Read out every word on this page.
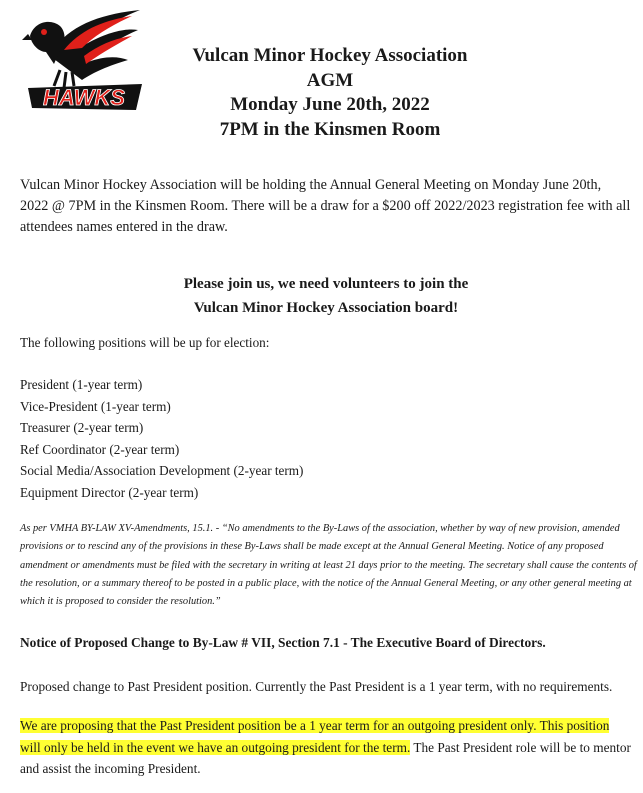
HAWKS
Vulcan Minor Hockey Association
AGM
Monday June 20th, 2022
7PM in the Kinsmen Room

Vulcan Minor Hockey Association will be holding the Annual General Meeting on Monday June 20th, 2022 @ 7PM in the Kinsmen Room. There will be a draw for a $200 off 2022/2023 registration fee with all attendees names entered in the draw.

Please join us, we need volunteers to join the
Vulcan Minor Hockey Association board!

The following positions will be up for election:

President (1-year term)
Vice-President (1-year term)
Treasurer (2-year term)
Ref Coordinator (2-year term)
Social Media/Association Development (2-year term)
Equipment Director (2-year term)

As per VMHA BY-LAW XV-Amendments, 15.1. - “No amendments to the By-Laws of the association, whether by way of new provision, amended provisions or to rescind any of the provisions in these By-Laws shall be made except at the Annual General Meeting. Notice of any proposed amendment or amendments must be filed with the secretary in writing at least 21 days prior to the meeting. The secretary shall cause the contents of the resolution, or a summary thereof to be posted in a public place, with the notice of the Annual General Meeting, or any other general meeting at which it is proposed to consider the resolution.”

Notice of Proposed Change to By-Law # VII, Section 7.1 - The Executive Board of Directors.

Proposed change to Past President position. Currently the Past President is a 1 year term, with no requirements.

We are proposing that the Past President position be a 1 year term for an outgoing president only. This position will only be held in the event we have an outgoing president for the term. The Past President role will be to mentor and assist the incoming President.
